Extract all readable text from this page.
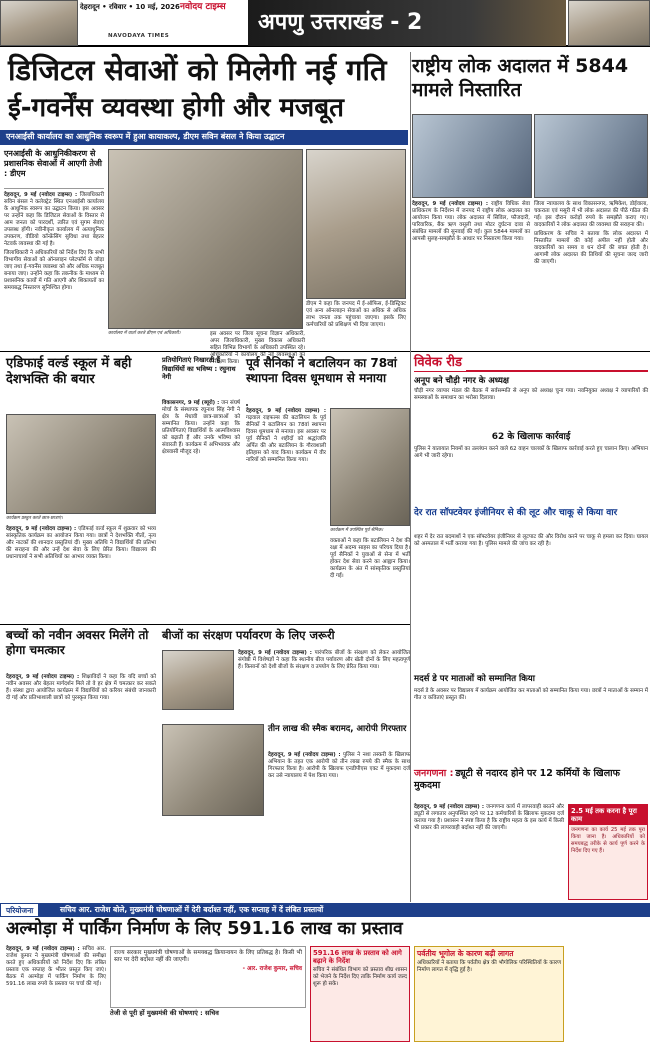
देहरादून • रविवार • 10 मई, 2026 नवोदय टाइम्स
NAVODAYA TIMES
अपणु उत्तराखंड - 2
डिजिटल सेवाओं को मिलेगी नई गति
ई-गवर्नेंस व्यवस्था होगी और मजबूत
एनआईसी कार्यालय का आधुनिक स्वरूप में हुआ कायाकल्प, डीएम सविन बंसल ने किया उद्घाटन
एनआईसी के आधुनिकीकरण से प्रशासनिक सेवाओं में आएगी तेजी : डीएम

देहरादून, 9 मई (नवोदय टाइम्स) : जिलाधिकारी सविन बंसल ने कलेक्ट्रेट स्थित एनआईसी कार्यालय के आधुनिक स्वरूप का उद्घाटन किया। इस अवसर पर उन्होंने कहा कि डिजिटल सेवाओं के विस्तार से आम जनता को पारदर्शी, त्वरित एवं सुगम सेवाएं उपलब्ध होंगी। नवीनीकृत कार्यालय में अत्याधुनिक उपकरण, वीडियो कॉन्फ्रेंसिंग सुविधा तथा बेहतर नेटवर्क व्यवस्था की गई है।

जिलाधिकारी ने अधिकारियों को निर्देश दिए कि सभी विभागीय सेवाओं को ऑनलाइन प्लेटफॉर्म से जोड़ा जाए तथा ई-गवर्नेंस व्यवस्था को और अधिक मजबूत बनाया जाए। उन्होंने कहा कि तकनीक के माध्यम से प्रशासनिक कार्यों में गति आएगी और शिकायतों का समयबद्ध निस्तारण सुनिश्चित होगा।

कार्यालय में वार्ता करते डीएम एवं अधिकारी।	इस अवसर पर जिला सूचना विज्ञान अधिकारी, अपर जिलाधिकारी, मुख्य विकास अधिकारी सहित विभिन्न विभागों के अधिकारी उपस्थित रहे। अधिकारियों ने कार्यालय की नई व्यवस्थाओं का निरीक्षण किया।

डीएम ने कहा कि जनपद में ई-ऑफिस, ई-डिस्ट्रिक्ट एवं अन्य ऑनलाइन सेवाओं का अधिक से अधिक लाभ जनता तक पहुंचाया जाएगा। इसके लिए कर्मचारियों को प्रशिक्षण भी दिया जाएगा।

राष्ट्रीय लोक अदालत में 5844 मामले निस्तारित

देहरादून, 9 मई (नवोदय टाइम्स) : राष्ट्रीय विधिक सेवा प्राधिकरण के निर्देशन में जनपद में राष्ट्रीय लोक अदालत का आयोजन किया गया। लोक अदालत में सिविल, फौजदारी, पारिवारिक, बैंक ऋण वसूली तथा मोटर दुर्घटना दावा से संबंधित मामलों की सुनवाई की गई। कुल 5844 मामलों का आपसी सुलह-समझौते के आधार पर निस्तारण किया गया।

जिला न्यायालय के साथ विकासनगर, ऋषिकेश, डोईवाला, चकराता एवं मसूरी में भी लोक अदालत की पीठें गठित की गईं। इस दौरान करोड़ों रुपये के समझौते कराए गए। वादकारियों ने लोक अदालत की व्यवस्था की सराहना की।

प्राधिकरण के सचिव ने बताया कि लोक अदालत में निस्तारित मामलों की कोई अपील नहीं होती और वादकारियों का समय व धन दोनों की बचत होती है। आगामी लोक अदालत की तिथियों की सूचना जल्द जारी की जाएगी।

एडिफाई वर्ल्ड स्कूल में बही देशभक्ति की बयार
कार्यक्रम प्रस्तुत करते छात्र-छात्राएं।

देहरादून, 9 मई (नवोदय टाइम्स) : एडिफाई वर्ल्ड स्कूल में शुक्रवार को भव्य सांस्कृतिक कार्यक्रम का आयोजन किया गया। छात्रों ने देशभक्ति गीतों, नृत्य और नाटकों की शानदार प्रस्तुतियां दीं। मुख्य अतिथि ने विद्यार्थियों की प्रतिभा की सराहना की और उन्हें देश सेवा के लिए प्रेरित किया। विद्यालय की प्रधानाचार्या ने सभी अतिथियों का आभार व्यक्त किया।

प्रतियोगिताएं निखारती हैं विद्यार्थियों का भविष्य : रघुनाथ नेगी

विकासनगर, 9 मई (ब्यूरो) : जन संघर्ष मोर्चा के संस्थापक रघुनाथ सिंह नेगी ने क्षेत्र के मेधावी छात्र-छात्राओं को सम्मानित किया। उन्होंने कहा कि प्रतियोगिताएं विद्यार्थियों के आत्मविश्वास को बढ़ाती हैं और उनके भविष्य को संवारती हैं। कार्यक्रम में अभिभावक और क्षेत्रवासी मौजूद रहे।

पूर्व सैनिकों ने बटालियन का 78वां स्थापना दिवस धूमधाम से मनाया

देहरादून, 9 मई (नवोदय टाइम्स) : गढ़वाल राइफल्स की बटालियन के पूर्व सैनिकों ने बटालियन का 78वां स्थापना दिवस धूमधाम से मनाया। इस अवसर पर पूर्व सैनिकों ने शहीदों को श्रद्धांजलि अर्पित की और बटालियन के गौरवशाली इतिहास को याद किया। कार्यक्रम में वीर नारियों को सम्मानित किया गया।

कार्यक्रम में उपस्थित पूर्व सैनिक।

वक्ताओं ने कहा कि बटालियन ने देश की रक्षा में अदम्य साहस का परिचय दिया है। पूर्व सैनिकों ने युवाओं से सेना में भर्ती होकर देश सेवा करने का आह्वान किया। कार्यक्रम के अंत में सांस्कृतिक प्रस्तुतियां दी गईं।

विवेक रीड
अनूप बने चौड़ी नगर के अध्यक्ष

चौड़ी नगर व्यापार मंडल की बैठक में सर्वसम्मति से अनूप को अध्यक्ष चुना गया। नवनियुक्त अध्यक्ष ने व्यापारियों की समस्याओं के समाधान का भरोसा दिलाया।

62 के खिलाफ कार्रवाई

पुलिस ने यातायात नियमों का उल्लंघन करने वाले 62 वाहन चालकों के खिलाफ कार्रवाई करते हुए चालान किए। अभियान आगे भी जारी रहेगा।

देर रात सॉफ्टवेयर इंजीनियर से की लूट और चाकू से किया वार

शहर में देर रात बदमाशों ने एक सॉफ्टवेयर इंजीनियर से लूटपाट की और विरोध करने पर चाकू से हमला कर दिया। घायल को अस्पताल में भर्ती कराया गया है। पुलिस मामले की जांच कर रही है।

मदर्स डे पर माताओं को सम्मानित किया

मदर्स डे के अवसर पर विद्यालय में कार्यक्रम आयोजित कर माताओं को सम्मानित किया गया। छात्रों ने माताओं के सम्मान में गीत व कविताएं प्रस्तुत कीं।

बच्चों को नवीन अवसर मिलेंगे तो होगा चमत्कार

देहरादून, 9 मई (नवोदय टाइम्स) : शिक्षाविदों ने कहा कि यदि बच्चों को नवीन अवसर और बेहतर मार्गदर्शन मिले तो वे हर क्षेत्र में चमत्कार कर सकते हैं। संस्था द्वारा आयोजित कार्यक्रम में विद्यार्थियों को करियर संबंधी जानकारी दी गई और प्रतिभाशाली छात्रों को पुरस्कृत किया गया।

बीजों का संरक्षण पर्यावरण के लिए जरूरी

देहरादून, 9 मई (नवोदय टाइम्स) : पारंपरिक बीजों के संरक्षण को लेकर आयोजित संगोष्ठी में विशेषज्ञों ने कहा कि स्थानीय बीज पर्यावरण और खेती दोनों के लिए महत्वपूर्ण हैं। किसानों को देशी बीजों के संरक्षण व उपयोग के लिए प्रेरित किया गया।

तीन लाख की स्मैक बरामद, आरोपी गिरफ्तार

देहरादून, 9 मई (नवोदय टाइम्स) : पुलिस ने नशा तस्करी के खिलाफ अभियान के तहत एक आरोपी को तीन लाख रुपये की स्मैक के साथ गिरफ्तार किया है। आरोपी के खिलाफ एनडीपीएस एक्ट में मुकदमा दर्ज कर उसे न्यायालय में पेश किया गया।	जनगणना : ड्यूटी से नदारद होने पर 12 कर्मियों के खिलाफ मुकदमा

देहरादून, 9 मई (नवोदय टाइम्स) : जनगणना कार्य में लापरवाही बरतने और ड्यूटी से लगातार अनुपस्थित रहने पर 12 कर्मचारियों के खिलाफ मुकदमा दर्ज कराया गया है। प्रशासन ने स्पष्ट किया है कि राष्ट्रीय महत्व के इस कार्य में किसी भी प्रकार की लापरवाही बर्दाश्त नहीं की जाएगी।

2.5 मई तक करना है पूरा काम
जनगणना का कार्य 25 मई तक पूरा किया जाना है। अधिकारियों को समयबद्ध तरीके से कार्य पूर्ण करने के निर्देश दिए गए हैं।
परियोजना	सचिव आर. राजेश बोले, मुख्यमंत्री घोषणाओं में देरी बर्दाश्त नहीं, एक सप्ताह में दें लंबित प्रस्तावों
अल्मोड़ा में पार्किंग निर्माण के लिए 591.16 लाख का प्रस्ताव

देहरादून, 9 मई (नवोदय टाइम्स) : सचिव आर. राजेश कुमार ने मुख्यमंत्री घोषणाओं की समीक्षा करते हुए अधिकारियों को निर्देश दिए कि लंबित प्रस्ताव एक सप्ताह के भीतर प्रस्तुत किए जाएं। बैठक में अल्मोड़ा में पार्किंग निर्माण के लिए 591.16 लाख रुपये के प्रस्ताव पर चर्चा की गई।

राज्य सरकार मुख्यमंत्री घोषणाओं के समयबद्ध क्रियान्वयन के लिए प्रतिबद्ध है। किसी भी स्तर पर देरी बर्दाश्त नहीं की जाएगी।
- आर. राजेश कुमार, सचिव

तेजी से पूरी हों मुख्यमंत्री की घोषणाएं : सचिव

591.16 लाख के प्रस्ताव को आगे बढ़ाने के निर्देश
सचिव ने संबंधित विभाग को प्रस्ताव शीघ्र शासन को भेजने के निर्देश दिए ताकि निर्माण कार्य जल्द शुरू हो सके।
पर्वतीय भूगोल के कारण बढ़ी लागत
अधिकारियों ने बताया कि पर्वतीय क्षेत्र की भौगोलिक परिस्थितियों के कारण निर्माण लागत में वृद्धि हुई है।
